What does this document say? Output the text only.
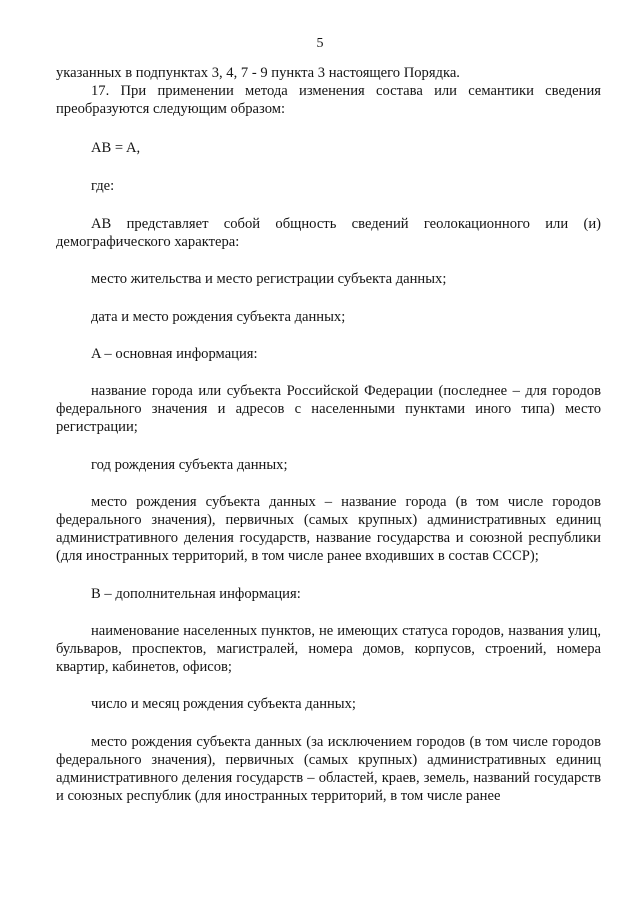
5

указанных в подпунктах 3, 4, 7 - 9 пункта 3 настоящего Порядка.

17. При применении метода изменения состава или семантики сведения преобразуются следующим образом:

AB = A,

где:

AB представляет собой общность сведений геолокационного или (и) демографического характера:

место жительства и место регистрации субъекта данных;

дата и место рождения субъекта данных;

A – основная информация:

название города или субъекта Российской Федерации (последнее – для городов федерального значения и адресов с населенными пунктами иного типа) место регистрации;

год рождения субъекта данных;

место рождения субъекта данных – название города (в том числе городов федерального значения), первичных (самых крупных) административных единиц административного деления государств, название государства и союзной республики (для иностранных территорий, в том числе ранее входивших в состав СССР);

B – дополнительная информация:

наименование населенных пунктов, не имеющих статуса городов, названия улиц, бульваров, проспектов, магистралей, номера домов, корпусов, строений, номера квартир, кабинетов, офисов;

число и месяц рождения субъекта данных;

место рождения субъекта данных (за исключением городов (в том числе городов федерального значения), первичных (самых крупных) административных единиц административного деления государств – областей, краев, земель, названий государств и союзных республик (для иностранных территорий, в том числе ранее
